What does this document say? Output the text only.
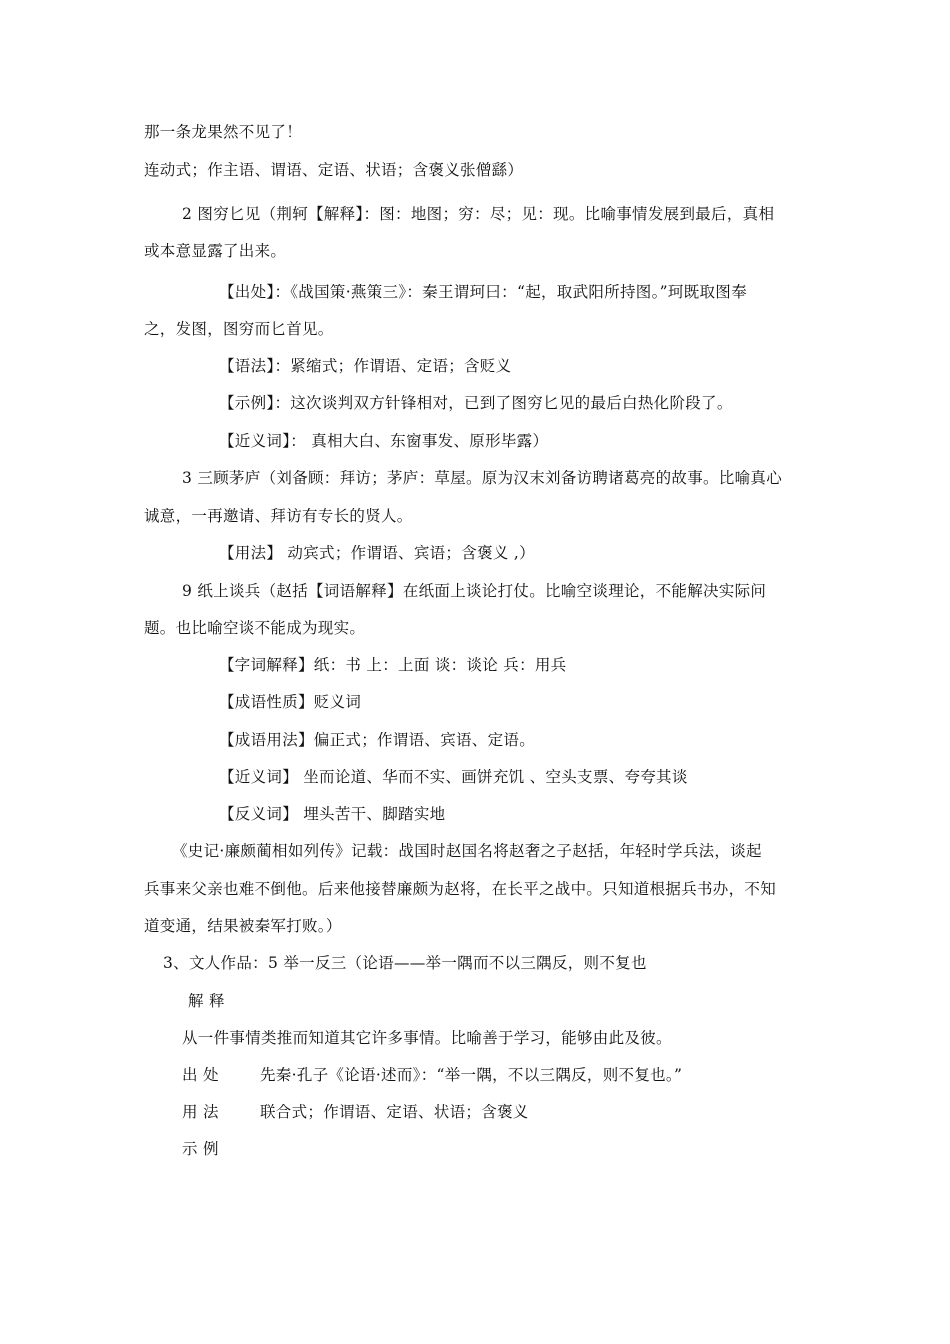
那一条龙果然不见了！

连动式；作主语、谓语、定语、状语；含褒义张僧繇）

2 图穷匕见（荆轲【解释】：图：地图；穷：尽；见：现。比喻事情发展到最后，真相

或本意显露了出来。

【出处】：《战国策·燕策三》：秦王谓珂曰：“起，取武阳所持图。”珂既取图奉

之，发图，图穷而匕首见。

【语法】：紧缩式；作谓语、定语；含贬义

【示例】：这次谈判双方针锋相对，已到了图穷匕见的最后白热化阶段了。

【近义词】： 真相大白、东窗事发、原形毕露）

3 三顾茅庐（刘备顾：拜访；茅庐：草屋。原为汉末刘备访聘诸葛亮的故事。比喻真心

诚意，一再邀请、拜访有专长的贤人。

【用法】 动宾式；作谓语、宾语；含褒义 ,）

9 纸上谈兵（赵括【词语解释】在纸面上谈论打仗。比喻空谈理论，不能解决实际问

题。也比喻空谈不能成为现实。

【字词解释】纸：书 上：上面 谈：谈论 兵：用兵

【成语性质】贬义词

【成语用法】偏正式；作谓语、宾语、定语。

【近义词】 坐而论道、华而不实、画饼充饥 、空头支票、夸夸其谈

【反义词】 埋头苦干、脚踏实地

《史记·廉颇蔺相如列传》记载：战国时赵国名将赵奢之子赵括，年轻时学兵法，谈起

兵事来父亲也难不倒他。后来他接替廉颇为赵将，在长平之战中。只知道根据兵书办，不知

道变通，结果被秦军打败。）

3、文人作品：5 举一反三（论语——举一隅而不以三隅反，则不复也

解 释

从一件事情类推而知道其它许多事情。比喻善于学习，能够由此及彼。

出 处	先秦·孔子《论语·述而》：“举一隅，不以三隅反，则不复也。”

用 法	联合式；作谓语、定语、状语；含褒义

示 例
